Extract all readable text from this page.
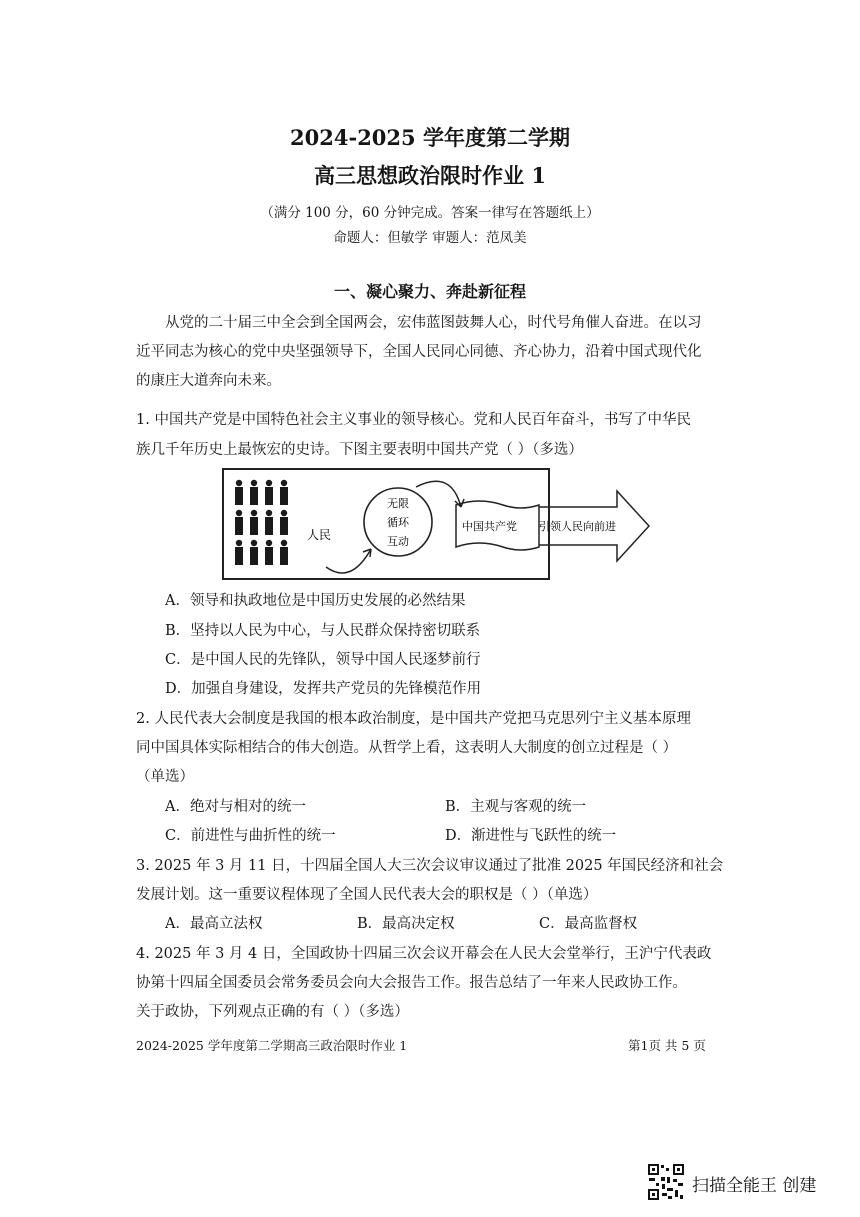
2024-2025 学年度第二学期
高三思想政治限时作业 1
（满分 100 分，60 分钟完成。答案一律写在答题纸上）
命题人：但敏学 审题人：范凤美
一、凝心聚力、奔赴新征程
从党的二十届三中全会到全国两会，宏伟蓝图鼓舞人心，时代号角催人奋进。在以习
近平同志为核心的党中央坚强领导下，全国人民同心同德、齐心协力，沿着中国式现代化
的康庄大道奔向未来。
1. 中国共产党是中国特色社会主义事业的领导核心。党和人民百年奋斗，书写了中华民
族几千年历史上最恢宏的史诗。下图主要表明中国共产党（ ）（多选）
人民
无限
循环
互动
中国共产党 引领人民向前进
A．领导和执政地位是中国历史发展的必然结果
B．坚持以人民为中心，与人民群众保持密切联系
C．是中国人民的先锋队，领导中国人民逐梦前行
D．加强自身建设，发挥共产党员的先锋模范作用
2. 人民代表大会制度是我国的根本政治制度，是中国共产党把马克思列宁主义基本原理
同中国具体实际相结合的伟大创造。从哲学上看，这表明人大制度的创立过程是（ ）
（单选）
A．绝对与相对的统一	B．主观与客观的统一
C．前进性与曲折性的统一	D．渐进性与飞跃性的统一
3. 2025 年 3 月 11 日，十四届全国人大三次会议审议通过了批准 2025 年国民经济和社会
发展计划。这一重要议程体现了全国人民代表大会的职权是（ ）（单选）
A．最高立法权	B．最高决定权	C．最高监督权
4. 2025 年 3 月 4 日，全国政协十四届三次会议开幕会在人民大会堂举行，王沪宁代表政
协第十四届全国委员会常务委员会向大会报告工作。报告总结了一年来人民政协工作。
关于政协，下列观点正确的有（ ）（多选）
2024-2025 学年度第二学期高三政治限时作业 1	第1页 共 5 页
扫描全能王 创建
